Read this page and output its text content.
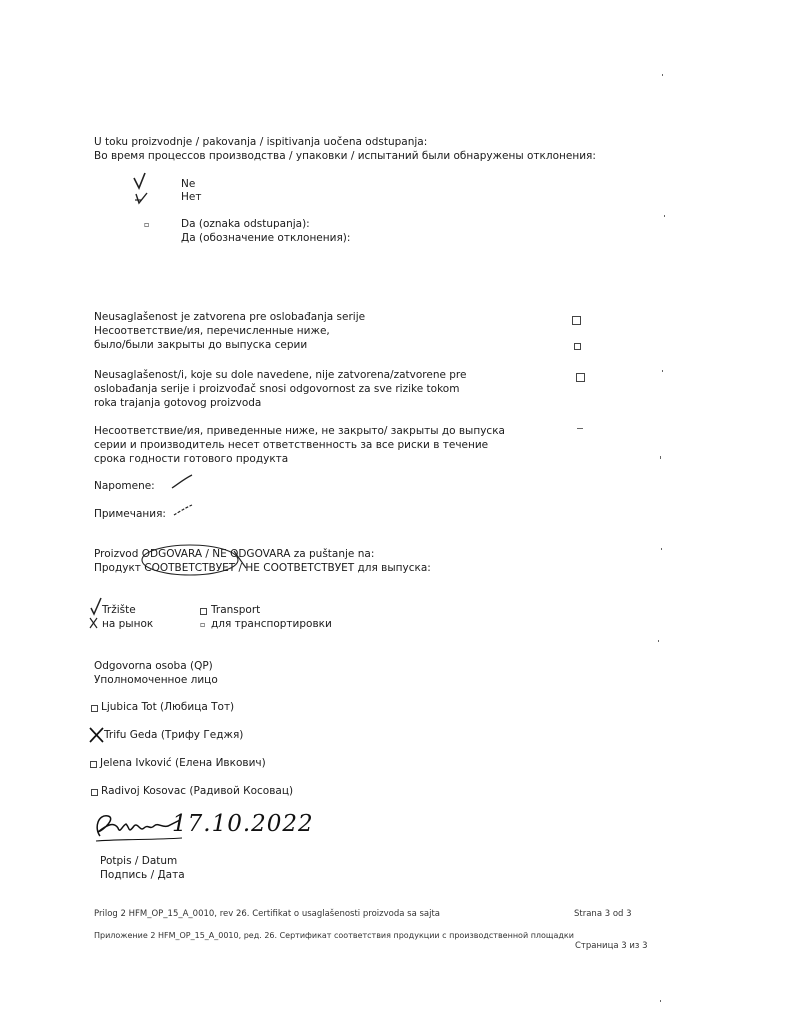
U toku proizvodnje / pakovanja / ispitivanja uočena odstupanja:
Во время процессов производства / упаковки / испытаний были обнаружены отклонения:
Ne
Нет
▫	Da (oznaka odstupanja):
Да (обозначение отклонения):
Neusaglašenost je zatvorena pre oslobađanja serije
Несоответствие/ия, перечисленные ниже,
было/были закрыты до выпуска серии
Neusaglašenost/i, koje su dole navedene, nije zatvorena/zatvorene pre
oslobađanja serije i proizvođač snosi odgovornost za sve rizike tokom
roka trajanja gotovog proizvoda
Несоответствие/ия, приведенные ниже, не закрыто/ закрыты до выпуска
серии и производитель несет ответственность за все риски в течение
срока годности готового продукта
Napomene:
Примечания:
Proizvod ODGOVARA / NE ODGOVARA za puštanje na:
Продукт СООТВЕТСТВУЕТ / НЕ СООТВЕТСТВУЕТ для выпуска:
Tržište
на рынок
Transport
▫ для транспортировки
Odgovorna osoba (QP)
Уполномоченное лицо
Ljubica Tot (Любица Тот)
Trifu Geda (Трифу Геджя)
Jelena Ivković (Елена Ивкович)
Radivoj Kosovac (Радивой Косовац)
17.10.2022
Potpis / Datum
Подпись / Дата
Prilog 2 HFM_OP_15_A_0010, rev 26. Certifikat o usaglašenosti proizvoda sa sajta	Strana 3 od 3
Приложение 2 HFM_OP_15_A_0010, ред. 26. Сертификат соответствия продукции с производственной площадки
Страница 3 из 3
